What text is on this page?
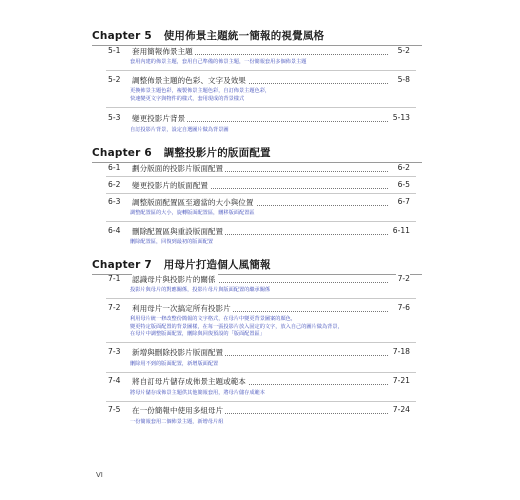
Chapter 5 使用佈景主題統一簡報的視覺風格
5-1	套用簡報佈景主題	5-2
套用內建的佈景主題，套用自己準備的佈景主題，一份簡報套用多個佈景主題
5-2	調整佈景主題的色彩、文字及效果	5-8
更換佈景主題色彩，複製佈景主題色彩，自訂佈景主題色彩，
快速變更文字與物件的樣式，套用現成的背景樣式
5-3	變更投影片背景	5-13
自訂投影片背景，設定自選圖片做為背景圖
Chapter 6 調整投影片的版面配置
6-1	劃分版面的投影片版面配置	6-2
6-2	變更投影片的版面配置	6-5
6-3	調整版面配置區至適當的大小與位置	6-7
調整配置區的大小，旋轉版面配置區，刪移版面配置區
6-4	刪除配置區與重設版面配置	6-11
刪除配置區，回復到最初的版面配置
Chapter 7 用母片打造個人風簡報
7-1	認識母片與投影片的關係	7-2
投影片與母片的對應關係，投影片母片與版面配置的繼承關係
7-2	利用母片一次搞定所有投影片	7-6
利用母片統一修改整份簡報的文字格式，在母片中變更背景圖案的顏色，
變更特定版面配置的背景圖樣，在每一張投影片放入固定的文字，放入自己的圖片做為背景，
在母片中調整版面配置，刪除與回復預設的「版面配置區」
7-3	新增與刪除投影片版面配置	7-18
刪除用不到的版面配置，新增版面配置
7-4	將自訂母片儲存成佈景主題或範本	7-21
將母片儲存成佈景主題供其他簡報套用，將母片儲存成範本
7-5	在一份簡報中使用多組母片	7-24
一份簡報套用二個佈景主題，新增母片組
VI
